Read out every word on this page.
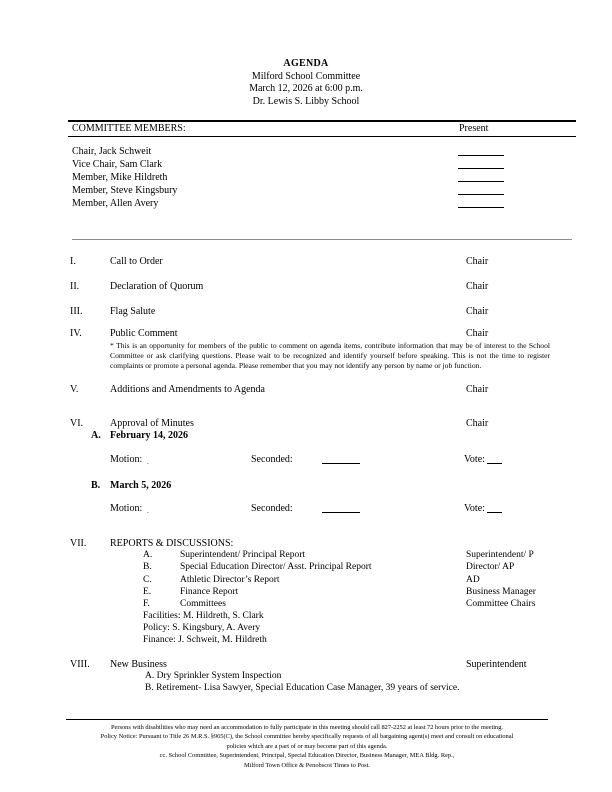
AGENDA
Milford School Committee
March 12, 2026 at 6:00 p.m.
Dr. Lewis S. Libby School
COMMITTEE MEMBERS:	Present
Chair, Jack Schweit
Vice Chair, Sam Clark
Member, Mike Hildreth
Member, Steve Kingsbury
Member, Allen Avery
I.	Call to Order	Chair
II.	Declaration of Quorum	Chair
III.	Flag Salute	Chair
IV.	Public Comment	Chair
* This is an opportunity for members of the public to comment on agenda items, contribute information that may be of interest to the School Committee or ask clarifying questions. Please wait to be recognized and identify yourself before speaking. This is not the time to register complaints or promote a personal agenda. Please remember that you may not identify any person by name or job function.
V.	Additions and Amendments to Agenda	Chair
VI.	Approval of Minutes	Chair
A. February 14, 2026
Motion: .	Seconded:	Vote:
B. March 5, 2026
Motion: .	Seconded:	Vote:
VII. REPORTS & DISCUSSIONS:
A.	Superintendent/ Principal Report	Superintendent/ P
B.	Special Education Director/ Asst. Principal Report	Director/ AP
C.	Athletic Director’s Report	AD
E.	Finance Report	Business Manager
F.	Committees	Committee Chairs
Facilities: M. Hildreth, S. Clark
Policy: S. Kingsbury, A. Avery
Finance: J. Schweit, M. Hildreth
VIII. New Business	Superintendent
A. Dry Sprinkler System Inspection
B. Retirement- Lisa Sawyer, Special Education Case Manager, 39 years of service.
Persons with disabilities who may need an accommodation to fully participate in this meeting should call 827-2252 at least 72 hours prior to the meeting.
Policy Notice: Pursuant to Title 26 M.R.S. §965(C), the School committee hereby specifically requests of all bargaining agent(s) meet and consult on educational
policies which are a part of or may become part of this agenda.
cc. School Committee, Superintendent, Principal, Special Education Director, Business Manager, MEA Bldg. Rep.,
Milford Town Office & Penobscot Times to Post.
